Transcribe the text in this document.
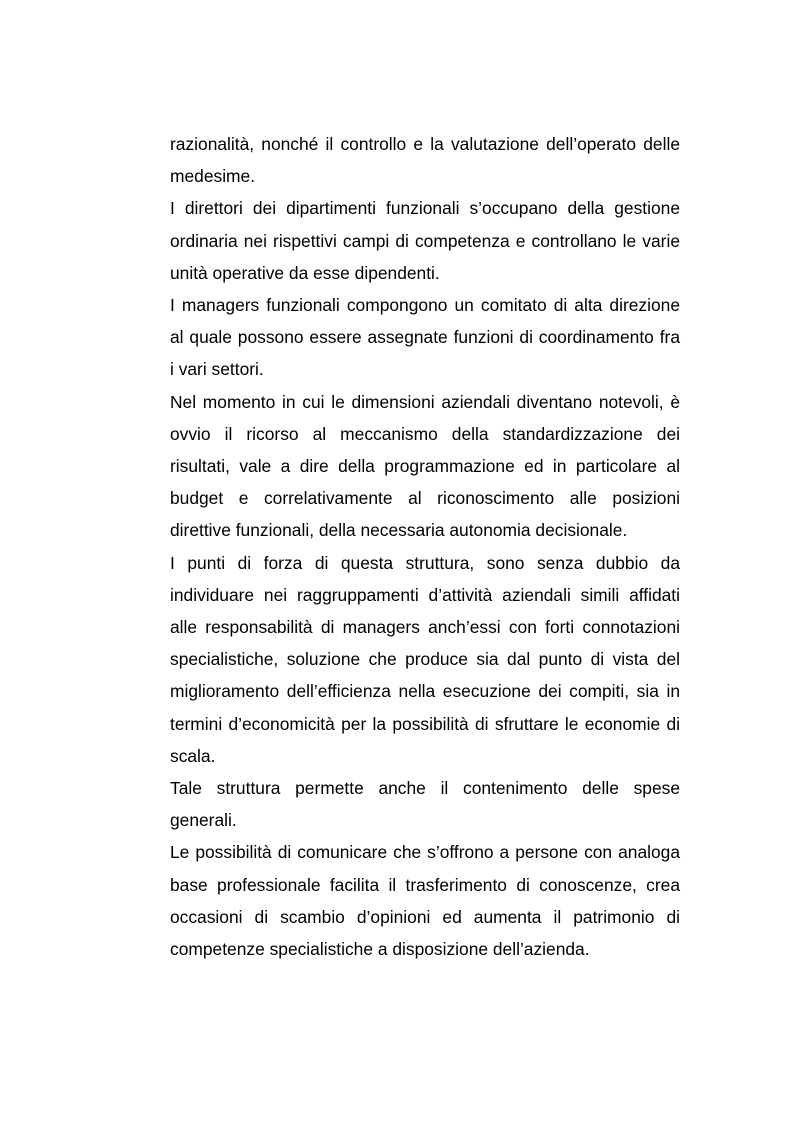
razionalità, nonché il controllo e la valutazione dell’operato delle medesime.

I direttori dei dipartimenti funzionali s’occupano della gestione ordinaria nei rispettivi campi di competenza e controllano le varie unità operative da esse dipendenti.

I managers funzionali compongono un comitato di alta direzione al quale possono essere assegnate funzioni di coordinamento fra i vari settori.

Nel momento in cui le dimensioni aziendali diventano notevoli, è ovvio il ricorso al meccanismo della standardizzazione dei risultati, vale a dire della programmazione ed in particolare al budget e correlativamente al riconoscimento alle posizioni direttive funzionali, della necessaria autonomia decisionale.

I punti di forza di questa struttura, sono senza dubbio da individuare nei raggruppamenti d’attività aziendali simili affidati alle responsabilità di managers anch’essi con forti connotazioni specialistiche, soluzione che produce sia dal punto di vista del miglioramento dell’efficienza nella esecuzione dei compiti, sia in termini d’economicità per la possibilità di sfruttare le economie di scala.

Tale struttura permette anche il contenimento delle spese generali.

Le possibilità di comunicare che s’offrono a persone con analoga base professionale facilita il trasferimento di conoscenze, crea occasioni di scambio d’opinioni ed aumenta il patrimonio di competenze specialistiche a disposizione dell’azienda.
